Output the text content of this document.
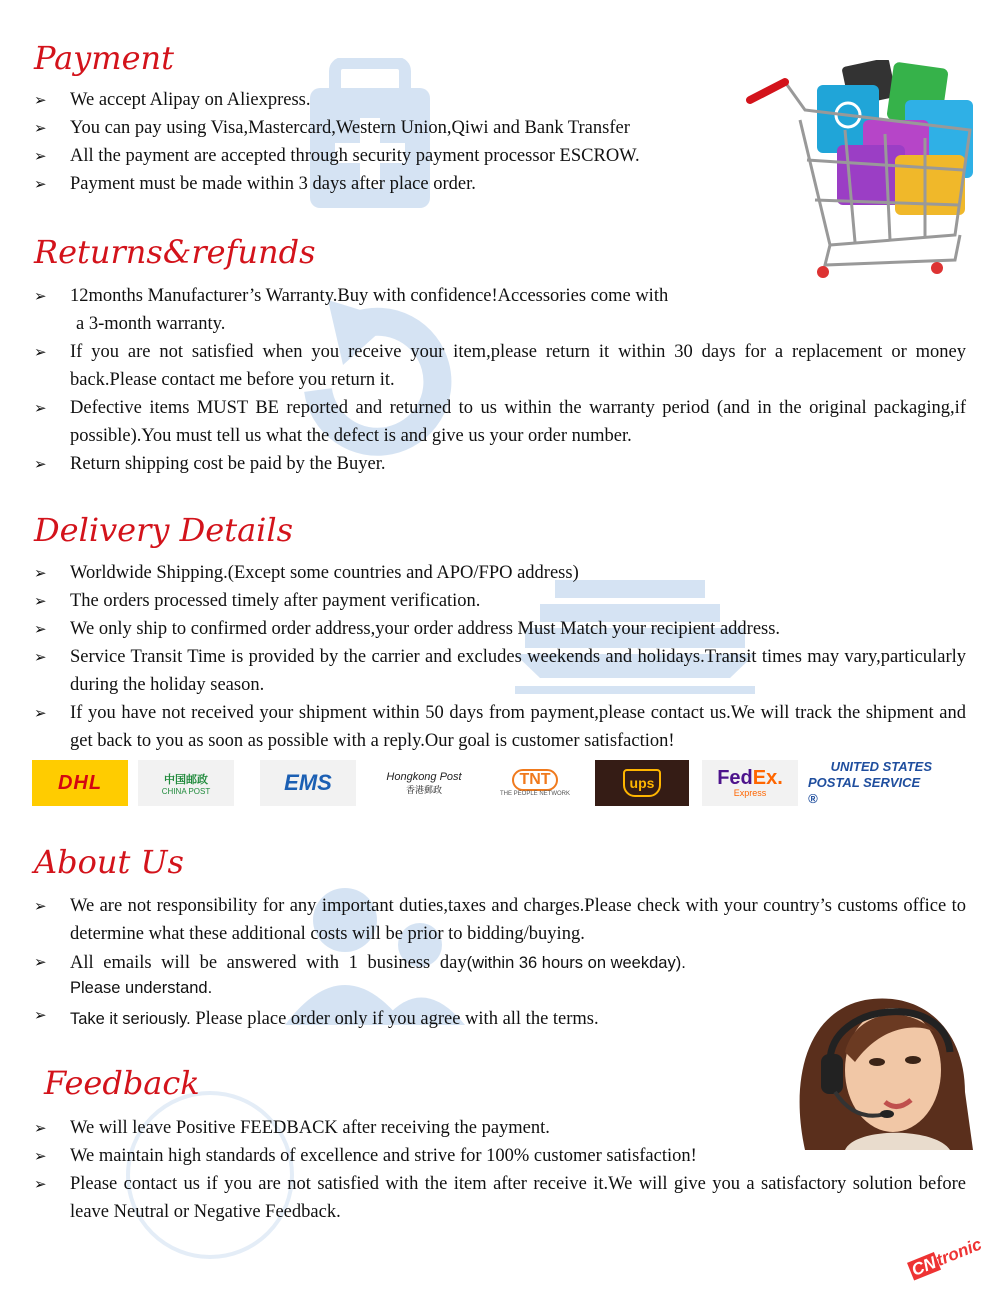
Payment
➢ We accept Alipay on Aliexpress.
➢ You can pay using Visa,Mastercard,Western Union,Qiwi and Bank Transfer
➢ All the payment are accepted through security payment processor ESCROW.
➢ Payment must be made within 3 days after place order.
Returns&refunds
➢ 12months Manufacturer’s Warranty.Buy with confidence!Accessories come with
a 3-month warranty.
➢ If you are not satisfied when you receive your item,please return it within 30 days for a replacement or money back.Please contact me before you return it.
➢ Defective items MUST BE reported and returned to us within the warranty period (and in the original packaging,if possible).You must tell us what the defect is and give us your order number.
➢ Return shipping cost be paid by the Buyer.
Delivery Details
➢ Worldwide Shipping.(Except some countries and APO/FPO address)
➢ The orders processed timely after payment verification.
➢ We only ship to confirmed order address,your order address Must Match your recipient address.
➢ Service Transit Time is provided by the carrier and excludes weekends and holidays.Transit times may vary,particularly during the holiday season.
➢ If you have not received your shipment within 50 days from payment,please contact us.We will track the shipment and get back to you as soon as possible with a reply.Our goal is customer satisfaction!
DHL	中国邮政
CHINA POST	EMS	Hongkong Post
香港郵政
TNT
THE PEOPLE NETWORK
ups	FedEx.
Express
UNITED STATES
POSTAL SERVICE ®
About Us
➢ We are not responsibility for any important duties,taxes and charges.Please check with your country’s customs office to determine what these additional costs will be prior to bidding/buying.
➢ All emails will be answered with 1 business day(within 36 hours on weekday).
Please understand.
➢ Take it seriously. Please place order only if you agree with all the terms.
Feedback
➢ We will leave Positive FEEDBACK after receiving the payment.
➢ We maintain high standards of excellence and strive for 100% customer satisfaction!
➢ Please contact us if you are not satisfied with the item after receive it.We will give you a satisfactory solution before leave Neutral or Negative Feedback.
CNtronic
